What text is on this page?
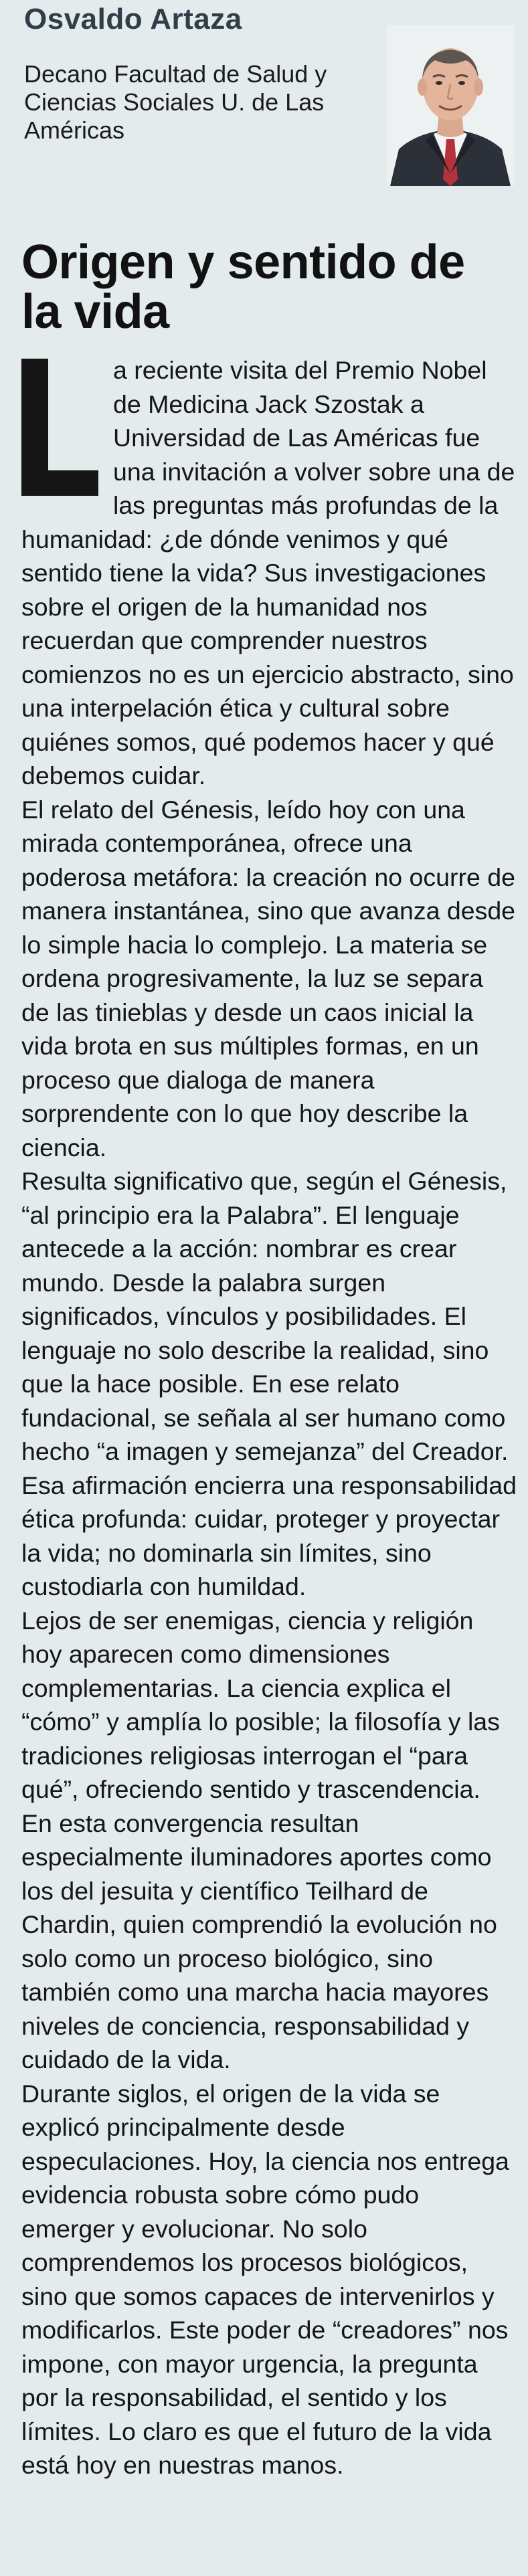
Osvaldo Artaza
Decano Facultad de Salud y Ciencias Sociales U. de Las Américas
Origen y sentido de la vida

a reciente visita del Premio Nobel de Medicina Jack Szostak a Universidad de Las Américas fue una invitación a volver sobre una de las preguntas más profundas de la humanidad: ¿de dónde venimos y qué sentido tiene la vida? Sus investigaciones sobre el origen de la humanidad nos recuerdan que comprender nuestros comienzos no es un ejercicio abstracto, sino una interpelación ética y cultural sobre quiénes somos, qué podemos hacer y qué debemos cuidar.

El relato del Génesis, leído hoy con una mirada contemporánea, ofrece una poderosa metáfora: la creación no ocurre de manera instantánea, sino que avanza desde lo simple hacia lo complejo. La materia se ordena progresivamente, la luz se separa de las tinieblas y desde un caos inicial la vida brota en sus múltiples formas, en un proceso que dialoga de manera sorprendente con lo que hoy describe la ciencia.

Resulta significativo que, según el Génesis, “al principio era la Palabra”. El lenguaje antecede a la acción: nombrar es crear mundo. Desde la palabra surgen significados, vínculos y posibilidades. El lenguaje no solo describe la realidad, sino que la hace posible. En ese relato fundacional, se señala al ser humano como hecho “a imagen y semejanza” del Creador.

Esa afirmación encierra una responsabilidad ética profunda: cuidar, proteger y proyectar la vida; no dominarla sin límites, sino custodiarla con humildad.

Lejos de ser enemigas, ciencia y religión hoy aparecen como dimensiones complementarias. La ciencia explica el “cómo” y amplía lo posible; la filosofía y las tradiciones religiosas interrogan el “para qué”, ofreciendo sentido y trascendencia.

En esta convergencia resultan especialmente iluminadores aportes como los del jesuita y científico Teilhard de Chardin, quien comprendió la evolución no solo como un proceso biológico, sino también como una marcha hacia mayores niveles de conciencia, responsabilidad y cuidado de la vida.

Durante siglos, el origen de la vida se explicó principalmente desde especulaciones. Hoy, la ciencia nos entrega evidencia robusta sobre cómo pudo emerger y evolucionar. No solo comprendemos los procesos biológicos, sino que somos capaces de intervenirlos y modificarlos. Este poder de “creadores” nos impone, con mayor urgencia, la pregunta por la responsabilidad, el sentido y los límites. Lo claro es que el futuro de la vida está hoy en nuestras manos.
